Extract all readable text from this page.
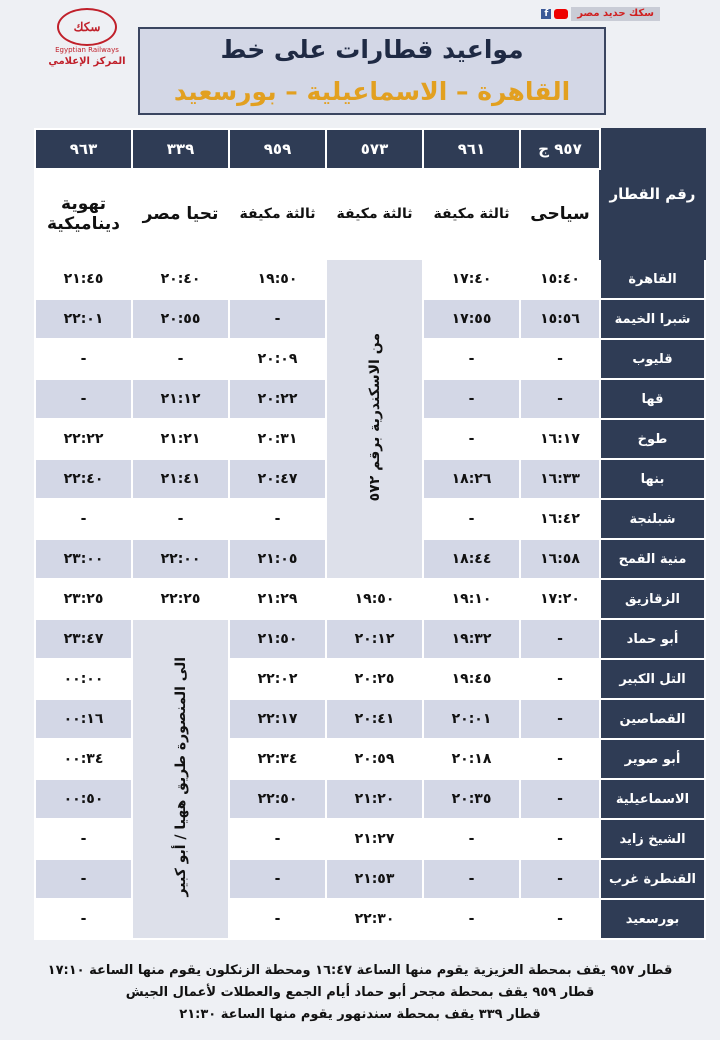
سكك
Egyptian Railways
المركز الإعلامي
سكك حديد مصر
f
مواعيد قطارات على خط
القاهرة – الاسماعيلية – بورسعيد
٩٦٣	٣٣٩	٩٥٩	٥٧٣	٩٦١	٩٥٧ ج	رقم القطار
تهوية ديناميكية	تحيا مصر	ثالثة مكيفة	ثالثة مكيفة	ثالثة مكيفة	سياحى	
٢١:٤٥	٢٠:٤٠	١٩:٥٠	من الاسكندرية برقم ٥٧٢	١٧:٤٠	١٥:٤٠	القاهرة
٢٢:٠١	٢٠:٥٥	-		١٧:٥٥	١٥:٥٦	شبرا الخيمة
-	-	٢٠:٠٩		-	-	قليوب
-	٢١:١٢	٢٠:٢٢		-	-	قها
٢٢:٢٢	٢١:٢١	٢٠:٣١		-	١٦:١٧	طوخ
٢٢:٤٠	٢١:٤١	٢٠:٤٧		١٨:٢٦	١٦:٣٣	بنها
-	-	-		-	١٦:٤٢	شبلنجة
٢٣:٠٠	٢٢:٠٠	٢١:٠٥		١٨:٤٤	١٦:٥٨	منية القمح
٢٣:٢٥	٢٢:٢٥	٢١:٢٩	١٩:٥٠	١٩:١٠	١٧:٢٠	الزقازيق
٢٣:٤٧	الى المنصورة طريق ههيا / أبو كبير	٢١:٥٠	٢٠:١٢	١٩:٣٢	-	أبو حماد
٠٠:٠٠		٢٢:٠٢	٢٠:٢٥	١٩:٤٥	-	التل الكبير
٠٠:١٦		٢٢:١٧	٢٠:٤١	٢٠:٠١	-	القصاصين
٠٠:٣٤		٢٢:٣٤	٢٠:٥٩	٢٠:١٨	-	أبو صوير
٠٠:٥٠		٢٢:٥٠	٢١:٢٠	٢٠:٣٥	-	الاسماعيلية
-		-	٢١:٢٧	-	-	الشيخ زايد
-		-	٢١:٥٣	-	-	القنطرة غرب
-		-	٢٢:٣٠	-	-	بورسعيد
قطار ٩٥٧ يقف بمحطة العزيزية يقوم منها الساعة ١٦:٤٧ ومحطة الزنكلون يقوم منها الساعة ١٧:١٠
قطار ٩٥٩ يقف بمحطة مجحر أبو حماد أيام الجمع والعطلات لأعمال الجيش
قطار ٣٣٩ يقف بمحطة سندنهور يقوم منها الساعة ٢١:٣٠
